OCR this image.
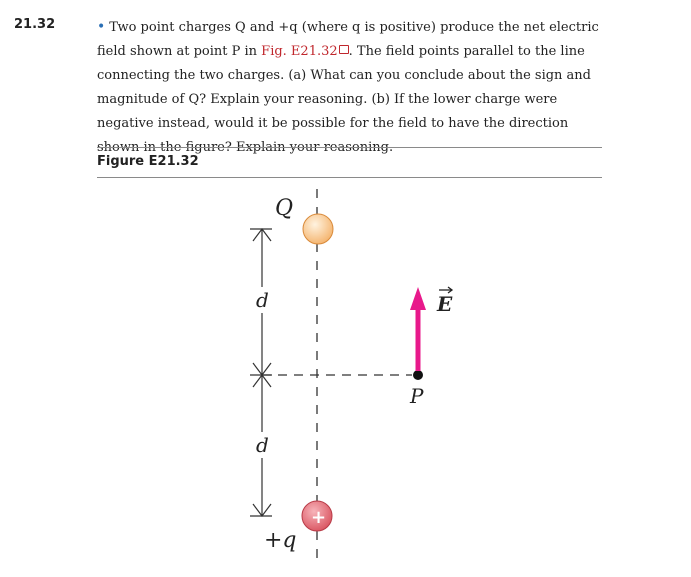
21.32	• Two point charges Q and +q (where q is positive) produce the net electric field shown at point P in Fig. E21.32 . The field points parallel to the line connecting the two charges. (a) What can you conclude about the sign and magnitude of Q? Explain your reasoning. (b) If the lower charge were negative instead, would it be possible for the field to have the direction shown in the figure? Explain your reasoning.
Figure E21.32
d
d
Q
+
+q
P
E
